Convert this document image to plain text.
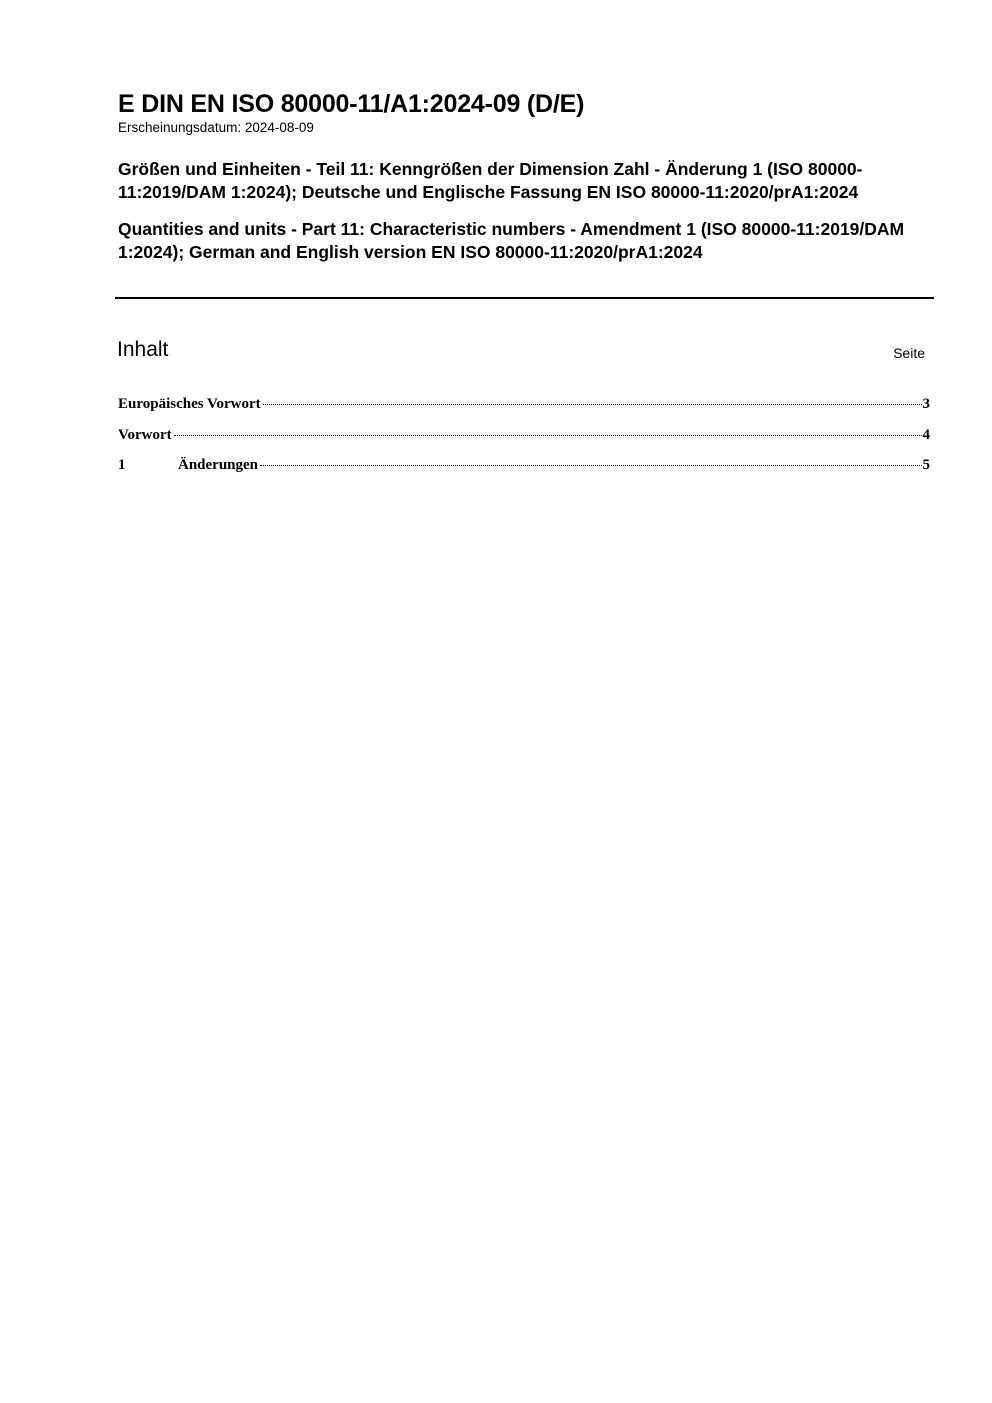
E DIN EN ISO 80000-11/A1:2024-09 (D/E)

Erscheinungsdatum: 2024-08-09

Größen und Einheiten - Teil 11: Kenngrößen der Dimension Zahl - Änderung 1 (ISO 80000-11:2019/DAM 1:2024); Deutsche und Englische Fassung EN ISO 80000-11:2020/prA1:2024

Quantities and units - Part 11: Characteristic numbers - Amendment 1 (ISO 80000-11:2019/DAM 1:2024); German and English version EN ISO 80000-11:2020/prA1:2024

Inhalt	Seite
Europäisches Vorwort	3
Vorwort	4
1	Änderungen	5
